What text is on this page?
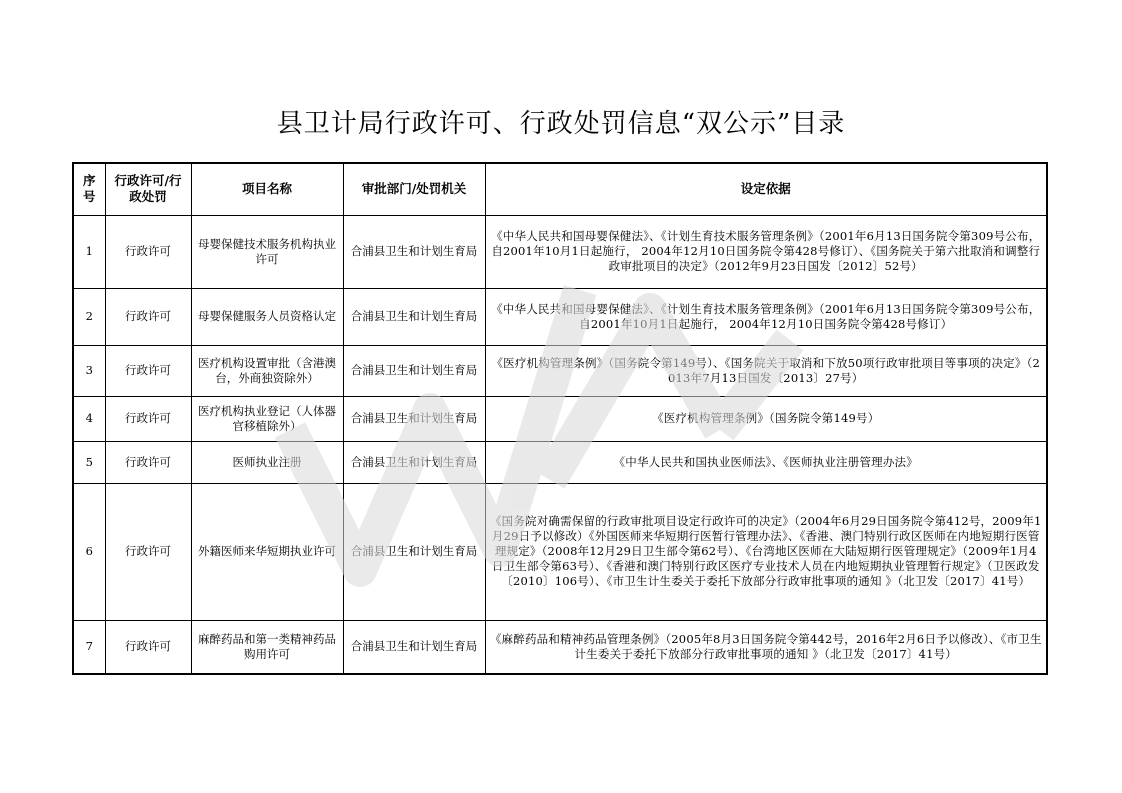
县卫计局行政许可、行政处罚信息“双公示”目录
序号	行政许可/行政处罚	项目名称	审批部门/处罚机关	设定依据
1	行政许可	母婴保健技术服务机构执业许可	合浦县卫生和计划生育局	《中华人民共和国母婴保健法》、《计划生育技术服务管理条例》（2001年6月13日国务院令第309号公布，自2001年10月1日起施行， 2004年12月10日国务院令第428号修订）、《国务院关于第六批取消和调整行政审批项目的决定》（2012年9月23日国发〔2012〕52号）
2	行政许可	母婴保健服务人员资格认定	合浦县卫生和计划生育局	《中华人民共和国母婴保健法》、《计划生育技术服务管理条例》（2001年6月13日国务院令第309号公布，自2001年10月1日起施行， 2004年12月10日国务院令第428号修订）
3	行政许可	医疗机构设置审批（含港澳台，外商独资除外）	合浦县卫生和计划生育局	《医疗机构管理条例》（国务院令第149号）、《国务院关于取消和下放50项行政审批项目等事项的决定》（2013年7月13日国发〔2013〕27号）
4	行政许可	医疗机构执业登记（人体器官移植除外）	合浦县卫生和计划生育局	《医疗机构管理条例》（国务院令第149号）
5	行政许可	医师执业注册	合浦县卫生和计划生育局	《中华人民共和国执业医师法》、《医师执业注册管理办法》
6	行政许可	外籍医师来华短期执业许可	合浦县卫生和计划生育局	《国务院对确需保留的行政审批项目设定行政许可的决定》（2004年6月29日国务院令第412号，2009年1月29日予以修改）《外国医师来华短期行医暂行管理办法》、《香港、澳门特别行政区医师在内地短期行医管理规定》（2008年12月29日卫生部令第62号）、《台湾地区医师在大陆短期行医管理规定》（2009年1月4日卫生部令第63号）、《香港和澳门特别行政区医疗专业技术人员在内地短期执业管理暂行规定》（卫医政发〔2010〕106号）、《市卫生计生委关于委托下放部分行政审批事项的通知 》（北卫发〔2017〕41号）
7	行政许可	麻醉药品和第一类精神药品购用许可	合浦县卫生和计划生育局	《麻醉药品和精神药品管理条例》（2005年8月3日国务院令第442号，2016年2月6日予以修改）、《市卫生计生委关于委托下放部分行政审批事项的通知 》（北卫发〔2017〕41号）
